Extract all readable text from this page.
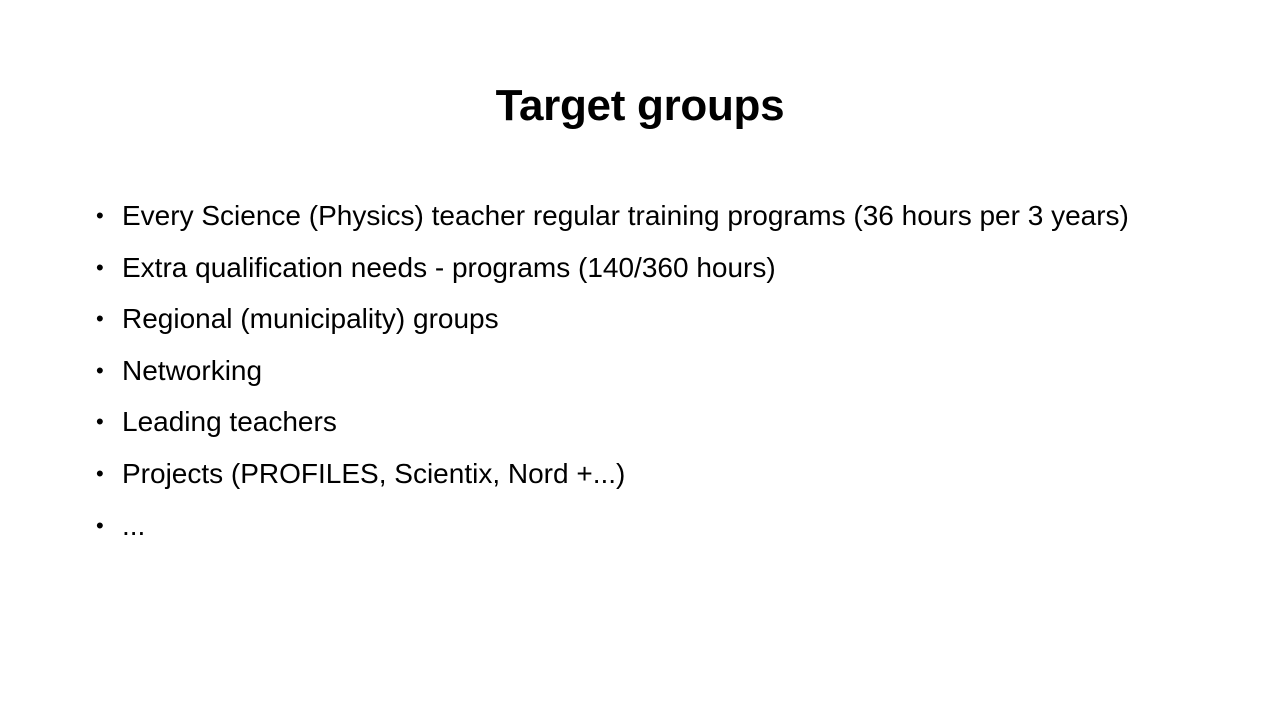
Target groups
• Every Science (Physics) teacher regular training programs (36 hours per 3 years)
• Extra qualification needs - programs (140/360 hours)
• Regional (municipality) groups
• Networking
• Leading teachers
• Projects (PROFILES, Scientix, Nord +...)
• ...
